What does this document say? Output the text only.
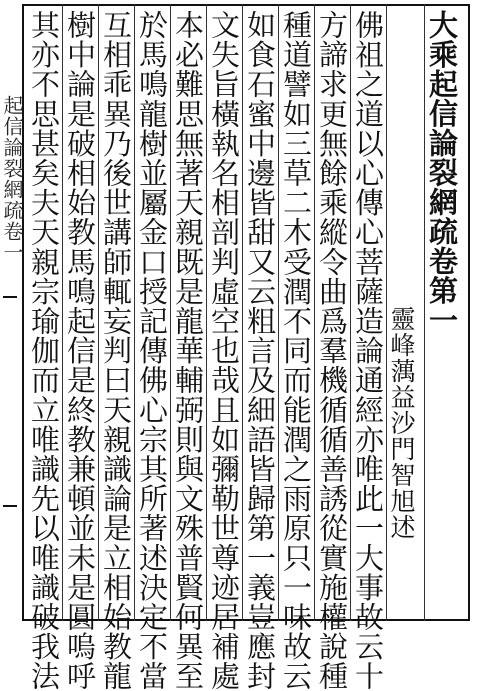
起信論裂網疏卷一	大乘起信論裂網疏卷第一
靈峰蕅益沙門智旭述
佛祖之道以心傳心菩薩造論通經亦唯此一大事故云十
方諦求更無餘乘縱令曲爲羣機循循善誘從實施權說種
種道譬如三草二木受潤不同而能潤之雨原只一味故云
如食石蜜中邊皆甜又云粗言及細語皆歸第一義豈應封
文失旨橫執名相剖判虛空也哉且如彌勒世尊迹居補處
本必難思無著天親既是龍華輔弼則與文殊普賢何異至
於馬鳴龍樹並屬金口授記傳佛心宗其所著述決定不當
互相乖異乃後世講師輒妄判曰天親識論是立相始教龍
樹中論是破相始教馬鳴起信是終教兼頓並未是圓嗚呼
其亦不思甚矣夫天親宗瑜伽而立唯識先以唯識破我法
